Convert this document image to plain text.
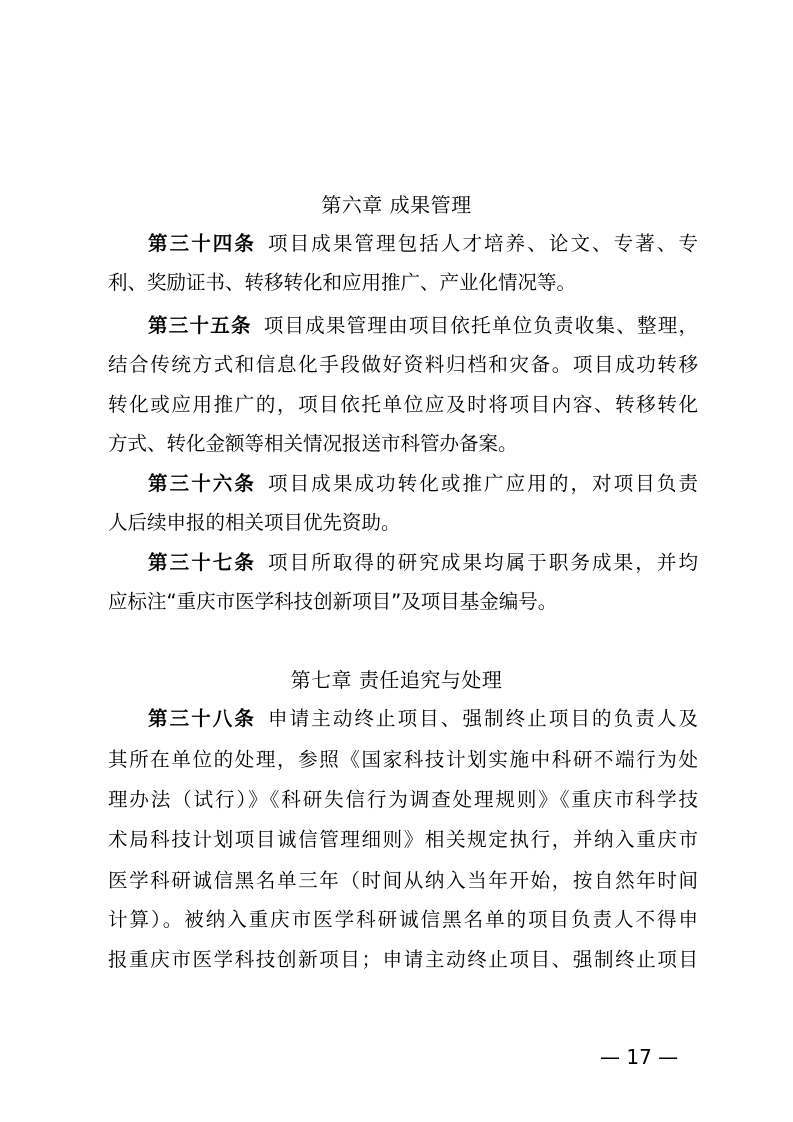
第六章 成果管理
第三十四条 项目成果管理包括人才培养、论文、专著、专
利、奖励证书、转移转化和应用推广、产业化情况等。
第三十五条 项目成果管理由项目依托单位负责收集、整理，
结合传统方式和信息化手段做好资料归档和灾备。项目成功转移
转化或应用推广的，项目依托单位应及时将项目内容、转移转化
方式、转化金额等相关情况报送市科管办备案。
第三十六条 项目成果成功转化或推广应用的，对项目负责
人后续申报的相关项目优先资助。
第三十七条 项目所取得的研究成果均属于职务成果，并均
应标注“重庆市医学科技创新项目”及项目基金编号。
第七章 责任追究与处理
第三十八条 申请主动终止项目、强制终止项目的负责人及
其所在单位的处理，参照《国家科技计划实施中科研不端行为处
理办法（试行）》《科研失信行为调查处理规则》《重庆市科学技
术局科技计划项目诚信管理细则》相关规定执行，并纳入重庆市
医学科研诚信黑名单三年（时间从纳入当年开始，按自然年时间
计算）。被纳入重庆市医学科研诚信黑名单的项目负责人不得申
报重庆市医学科技创新项目；申请主动终止项目、强制终止项目
— 17 —
